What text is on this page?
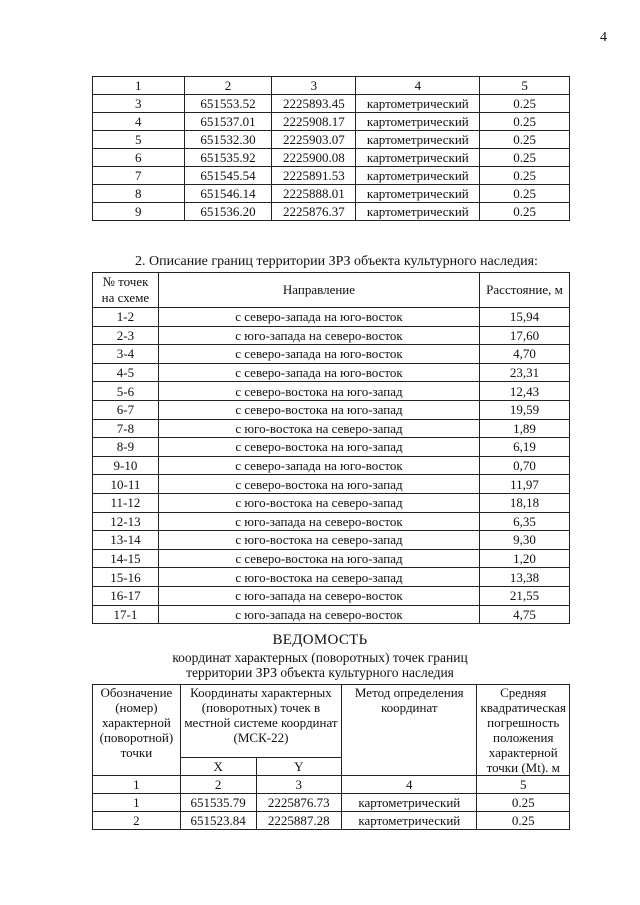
4
1	2	3	4	5
3	651553.52	2225893.45	картометрический	0.25
4	651537.01	2225908.17	картометрический	0.25
5	651532.30	2225903.07	картометрический	0.25
6	651535.92	2225900.08	картометрический	0.25
7	651545.54	2225891.53	картометрический	0.25
8	651546.14	2225888.01	картометрический	0.25
9	651536.20	2225876.37	картометрический	0.25
2. Описание границ территории ЗРЗ объекта культурного наследия:
№ точек на схеме	Направление	Расстояние, м
1-2	с северо-запада на юго-восток	15,94
2-3	с юго-запада на северо-восток	17,60
3-4	с северо-запада на юго-восток	4,70
4-5	с северо-запада на юго-восток	23,31
5-6	с северо-востока на юго-запад	12,43
6-7	с северо-востока на юго-запад	19,59
7-8	с юго-востока на северо-запад	1,89
8-9	с северо-востока на юго-запад	6,19
9-10	с северо-запада на юго-восток	0,70
10-11	с северо-востока на юго-запад	11,97
11-12	с юго-востока на северо-запад	18,18
12-13	с юго-запада на северо-восток	6,35
13-14	с юго-востока на северо-запад	9,30
14-15	с северо-востока на юго-запад	1,20
15-16	с юго-востока на северо-запад	13,38
16-17	с юго-запада на северо-восток	21,55
17-1	с юго-запада на северо-восток	4,75
ВЕДОМОСТЬ
координат характерных (поворотных) точек границ
территории ЗРЗ объекта культурного наследия
Обозначение (номер) характерной (поворотной) точки	Координаты характерных (поворотных) точек в местной системе координат (МСК-22)		Метод определения координат	Средняя квадратическая погрешность положения характерной точки (Mt). м
	X	Y		
1	2	3	4	5
1	651535.79	2225876.73	картометрический	0.25
2	651523.84	2225887.28	картометрический	0.25
